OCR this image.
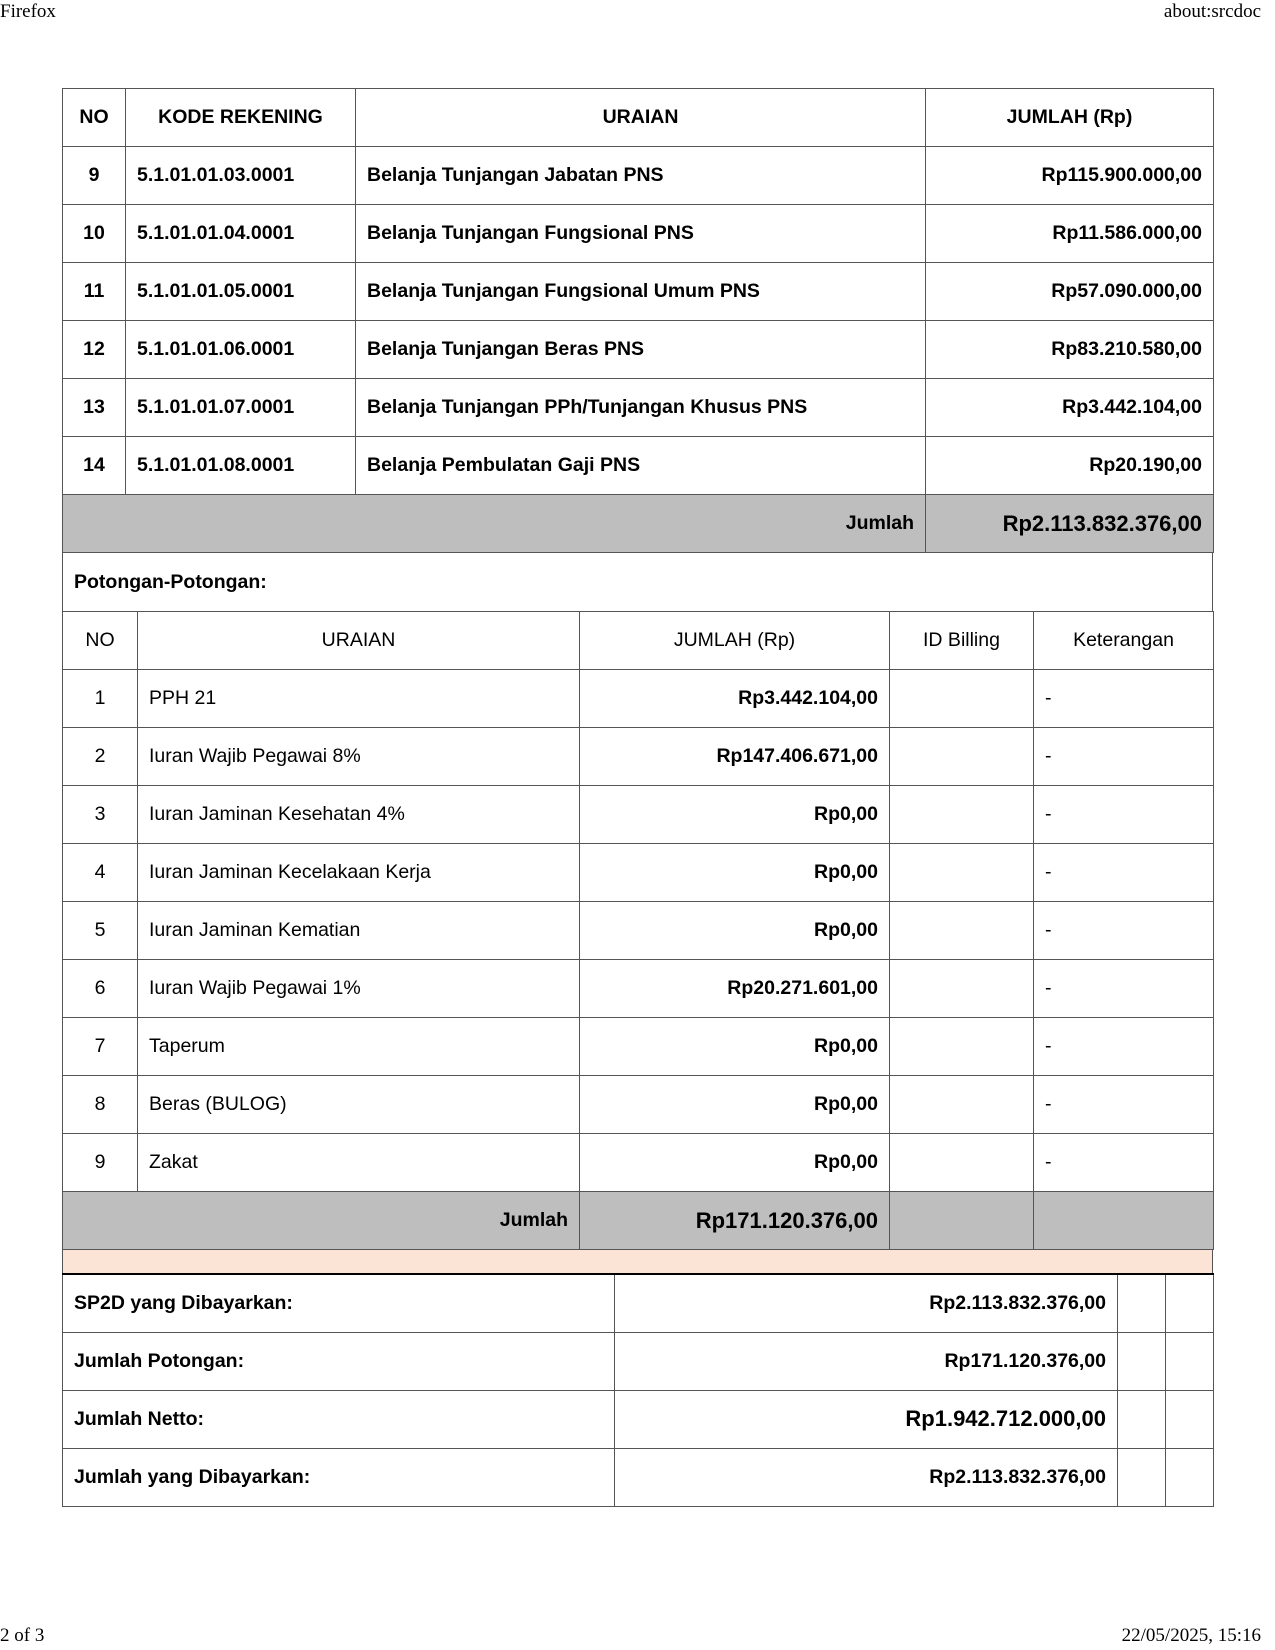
Firefox	about:srcdoc
NO	KODE REKENING	URAIAN	JUMLAH (Rp)
9	5.1.01.01.03.0001	Belanja Tunjangan Jabatan PNS	Rp115.900.000,00
10	5.1.01.01.04.0001	Belanja Tunjangan Fungsional PNS	Rp11.586.000,00
11	5.1.01.01.05.0001	Belanja Tunjangan Fungsional Umum PNS	Rp57.090.000,00
12	5.1.01.01.06.0001	Belanja Tunjangan Beras PNS	Rp83.210.580,00
13	5.1.01.01.07.0001	Belanja Tunjangan PPh/Tunjangan Khusus PNS	Rp3.442.104,00
14	5.1.01.01.08.0001	Belanja Pembulatan Gaji PNS	Rp20.190,00
Jumlah			Rp2.113.832.376,00
Potongan-Potongan:
NO	URAIAN	JUMLAH (Rp)	ID Billing	Keterangan
1	PPH 21	Rp3.442.104,00		-
2	Iuran Wajib Pegawai 8%	Rp147.406.671,00		-
3	Iuran Jaminan Kesehatan 4%	Rp0,00		-
4	Iuran Jaminan Kecelakaan Kerja	Rp0,00		-
5	Iuran Jaminan Kematian	Rp0,00		-
6	Iuran Wajib Pegawai 1%	Rp20.271.601,00		-
7	Taperum	Rp0,00		-
8	Beras (BULOG)	Rp0,00		-
9	Zakat	Rp0,00		-
Jumlah		Rp171.120.376,00		
SP2D yang Dibayarkan:	Rp2.113.832.376,00		
Jumlah Potongan:	Rp171.120.376,00		
Jumlah Netto:	Rp1.942.712.000,00		
Jumlah yang Dibayarkan:	Rp2.113.832.376,00		
2 of 3	22/05/2025, 15:16
